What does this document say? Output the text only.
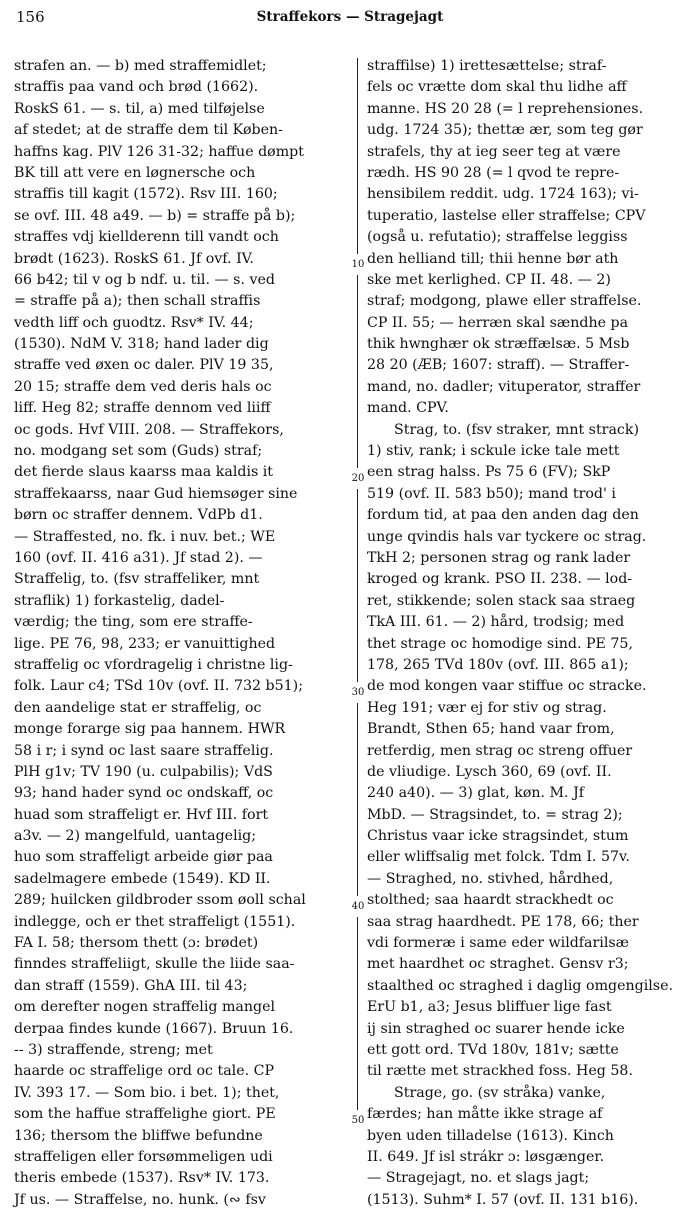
156	Straffekors — Stragejagt
strafen an. — b) med straffemidlet;
straffis paa vand och brød (1662).
RoskS 61. — s. til, a) med tilføjelse
af stedet; at de straffe dem til Køben-
haffns kag. PlV 126 31-32; haffue dømpt
BK till att vere en løgnersche och
straffis till kagit (1572). Rsv III. 160;
se ovf. III. 48 a49. — b) = straffe på b);
straffes vdj kiellderenn till vandt och
brødt (1623). RoskS 61. Jf ovf. IV.
66 b42; til v og b ndf. u. til. — s. ved
= straffe på a); then schall straffis
vedth liff och guodtz. Rsv* IV. 44;
(1530). NdM V. 318; hand lader dig
straffe ved øxen oc daler. PlV 19 35,
20 15; straffe dem ved deris hals oc
liff. Heg 82; straffe dennom ved liiff
oc gods. Hvf VIII. 208. — Straffekors,
no. modgang set som (Guds) straf;
det fierde slaus kaarss maa kaldis it
straffekaarss, naar Gud hiemsøger sine
børn oc straffer dennem. VdPb d1.
— Straffested, no. fk. i nuv. bet.; WE
160 (ovf. II. 416 a31). Jf stad 2). —
Straffelig, to. (fsv straffeliker, mnt
straflik) 1) forkastelig, dadel-
værdig; the ting, som ere straffe-
lige. PE 76, 98, 233; er vanuittighed
straffelig oc vfordragelig i christne lig-
folk. Laur c4; TSd 10v (ovf. II. 732 b51);
den aandelige stat er straffelig, oc
monge forarge sig paa hannem. HWR
58 i r; i synd oc last saare straffelig.
PlH g1v; TV 190 (u. culpabilis); VdS
93; hand hader synd oc ondskaff, oc
huad som straffeligt er. Hvf III. fort
a3v. — 2) mangelfuld, uantagelig;
huo som straffeligt arbeide giør paa
sadelmagere embede (1549). KD II.
289; huilcken gildbroder ssom øoll schal
indlegge, och er thet straffeligt (1551).
FA I. 58; thersom thett (ɔ: brødet)
finndes straffeliigt, skulle the liide saa-
dan straff (1559). GhA III. til 43;
om derefter nogen straffelig mangel
derpaa findes kunde (1667). Bruun 16.
-- 3) straffende, streng; met
haarde oc straffelige ord oc tale. CP
IV. 393 17. — Som bio. i bet. 1); thet,
som the haffue straffelighe giort. PE
136; thersom the bliffwe befundne
straffeligen eller forsømmeligen udi
theris embede (1537). Rsv* IV. 173.
Jf us. — Straffelse, no. hunk. (∾ fsv
10
20
30
40
50
straffilse) 1) irettesættelse; straf-
fels oc vrætte dom skal thu lidhe aff
manne. HS 20 28 (= l reprehensiones.
udg. 1724 35); thettæ ær, som teg gør
strafels, thy at ieg seer teg at være
rædh. HS 90 28 (= l qvod te repre-
hensibilem reddit. udg. 1724 163); vi-
tuperatio, lastelse eller straffelse; CPV
(også u. refutatio); straffelse leggiss
den helliand till; thii henne bør ath
ske met kerlighed. CP II. 48. — 2)
straf; modgong, plawe eller straffelse.
CP II. 55; — herræn skal sændhe pa
thik hwnghær ok stræffælsæ. 5 Msb
28 20 (ÆB; 1607: straff). — Straffer-
mand, no. dadler; vituperator, straffer
mand. CPV.
Strag, to. (fsv straker, mnt strack)
1) stiv, rank; i sckule icke tale mett
een strag halss. Ps 75 6 (FV); SkP
519 (ovf. II. 583 b50); mand trod' i
fordum tid, at paa den anden dag den
unge qvindis hals var tyckere oc strag.
TkH 2; personen strag og rank lader
kroged og krank. PSO II. 238. — lod-
ret, stikkende; solen stack saa straeg
TkA III. 61. — 2) hård, trodsig; med
thet strage oc homodige sind. PE 75,
178, 265 TVd 180v (ovf. III. 865 a1);
de mod kongen vaar stiffue oc stracke.
Heg 191; vær ej for stiv og strag.
Brandt, Sthen 65; hand vaar from,
retferdig, men strag oc streng offuer
de vliudige. Lysch 360, 69 (ovf. II.
240 a40). — 3) glat, køn. M. Jf
MbD. — Stragsindet, to. = strag 2);
Christus vaar icke stragsindet, stum
eller wliffsalig met folck. Tdm I. 57v.
— Straghed, no. stivhed, hårdhed,
stolthed; saa haardt strackhedt oc
saa strag haardhedt. PE 178, 66; ther
vdi formeræ i same eder wildfarilsæ
met haardhet oc straghet. Gensv r3;
staalthed oc straghed i daglig omgengilse.
ErU b1, a3; Jesus bliffuer lige fast
ij sin straghed oc suarer hende icke
ett gott ord. TVd 180v, 181v; sætte
til rætte met strackhed foss. Heg 58.
Strage, go. (sv stråka) vanke,
færdes; han måtte ikke strage af
byen uden tilladelse (1613). Kinch
II. 649. Jf isl strákr ɔ: løsgænger.
— Stragejagt, no. et slags jagt;
(1513). Suhm* I. 57 (ovf. II. 131 b16).
